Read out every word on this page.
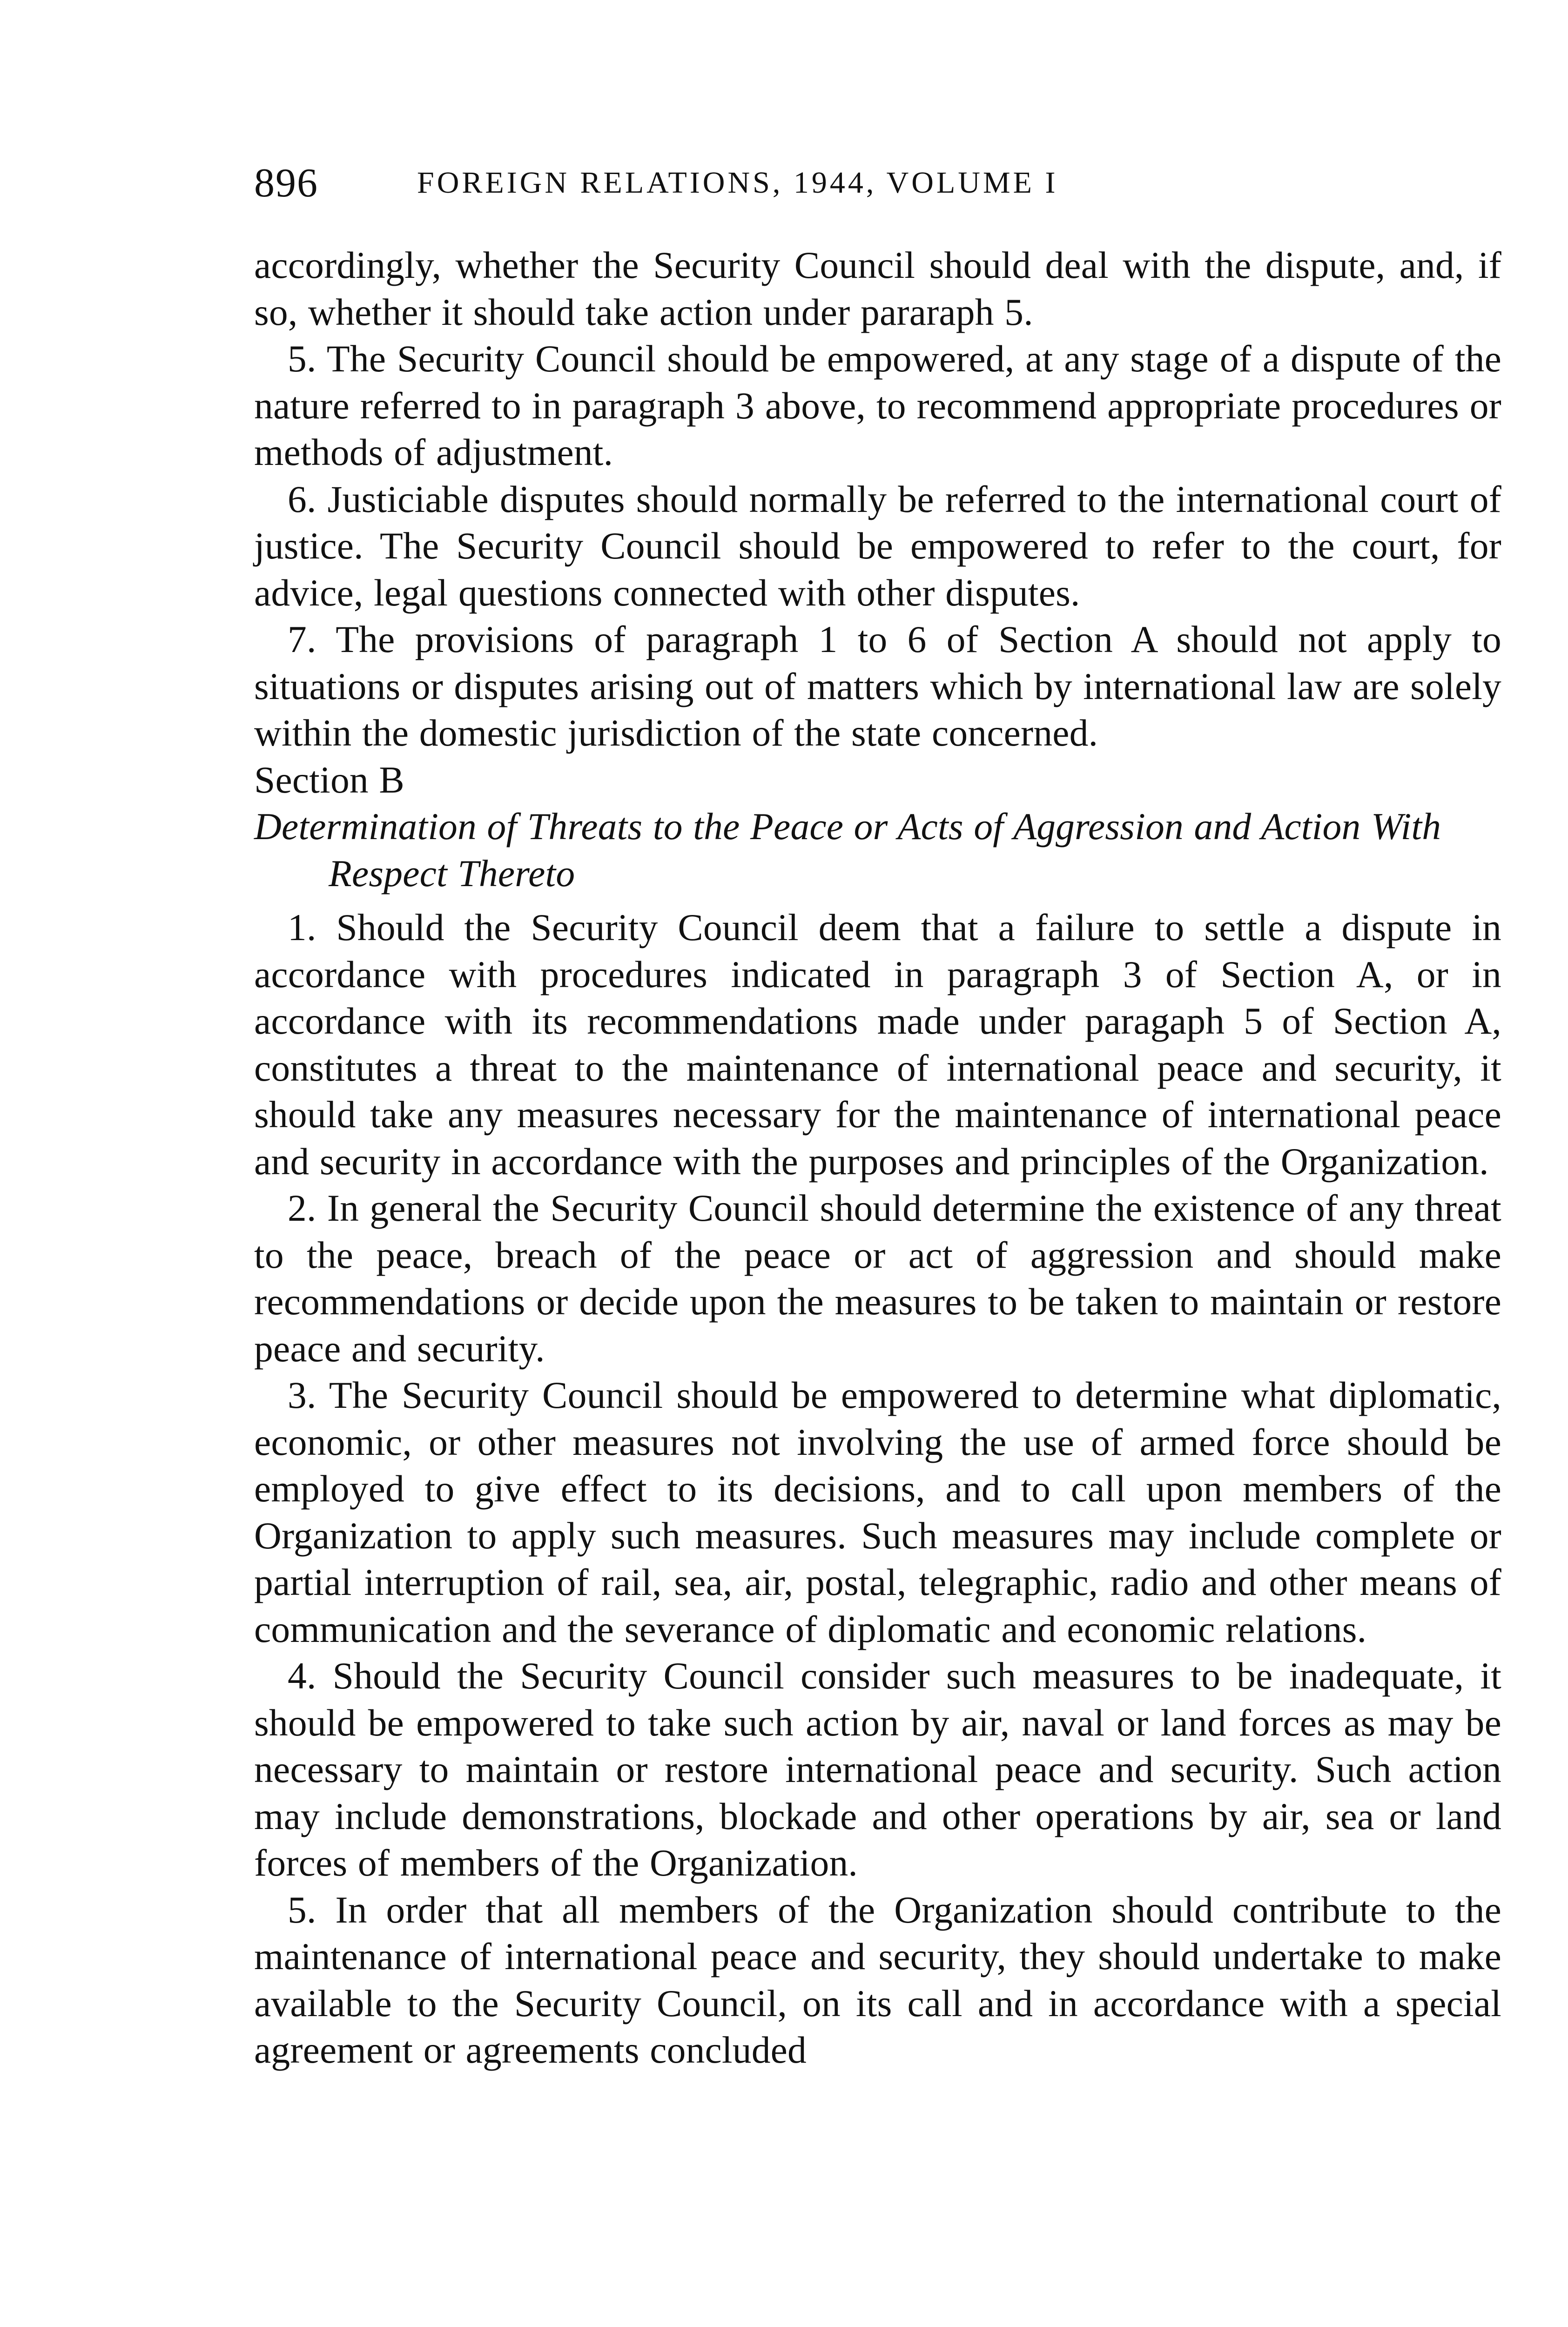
896	FOREIGN RELATIONS, 1944, VOLUME I

accordingly, whether the Security Council should deal with the dispute, and, if so, whether it should take action under pararaph 5.

5. The Security Council should be empowered, at any stage of a dispute of the nature referred to in paragraph 3 above, to recommend appropriate procedures or methods of adjustment.

6. Justiciable disputes should normally be referred to the international court of justice. The Security Council should be empowered to refer to the court, for advice, legal questions connected with other disputes.

7. The provisions of paragraph 1 to 6 of Section A should not apply to situations or disputes arising out of matters which by international law are solely within the domestic jurisdiction of the state concerned.

Section B

Determination of Threats to the Peace or Acts of Aggression and Action With Respect Thereto

1. Should the Security Council deem that a failure to settle a dispute in accordance with procedures indicated in paragraph 3 of Section A, or in accordance with its recommendations made under paragaph 5 of Section A, constitutes a threat to the maintenance of international peace and security, it should take any measures necessary for the maintenance of international peace and security in accordance with the purposes and principles of the Organization.

2. In general the Security Council should determine the existence of any threat to the peace, breach of the peace or act of aggression and should make recommendations or decide upon the measures to be taken to maintain or restore peace and security.

3. The Security Council should be empowered to determine what diplomatic, economic, or other measures not involving the use of armed force should be employed to give effect to its decisions, and to call upon members of the Organization to apply such measures. Such measures may include complete or partial interruption of rail, sea, air, postal, telegraphic, radio and other means of communication and the severance of diplomatic and economic relations.

4. Should the Security Council consider such measures to be inadequate, it should be empowered to take such action by air, naval or land forces as may be necessary to maintain or restore international peace and security. Such action may include demonstrations, blockade and other operations by air, sea or land forces of members of the Organization.

5. In order that all members of the Organization should contribute to the maintenance of international peace and security, they should undertake to make available to the Security Council, on its call and in accordance with a special agreement or agreements concluded
